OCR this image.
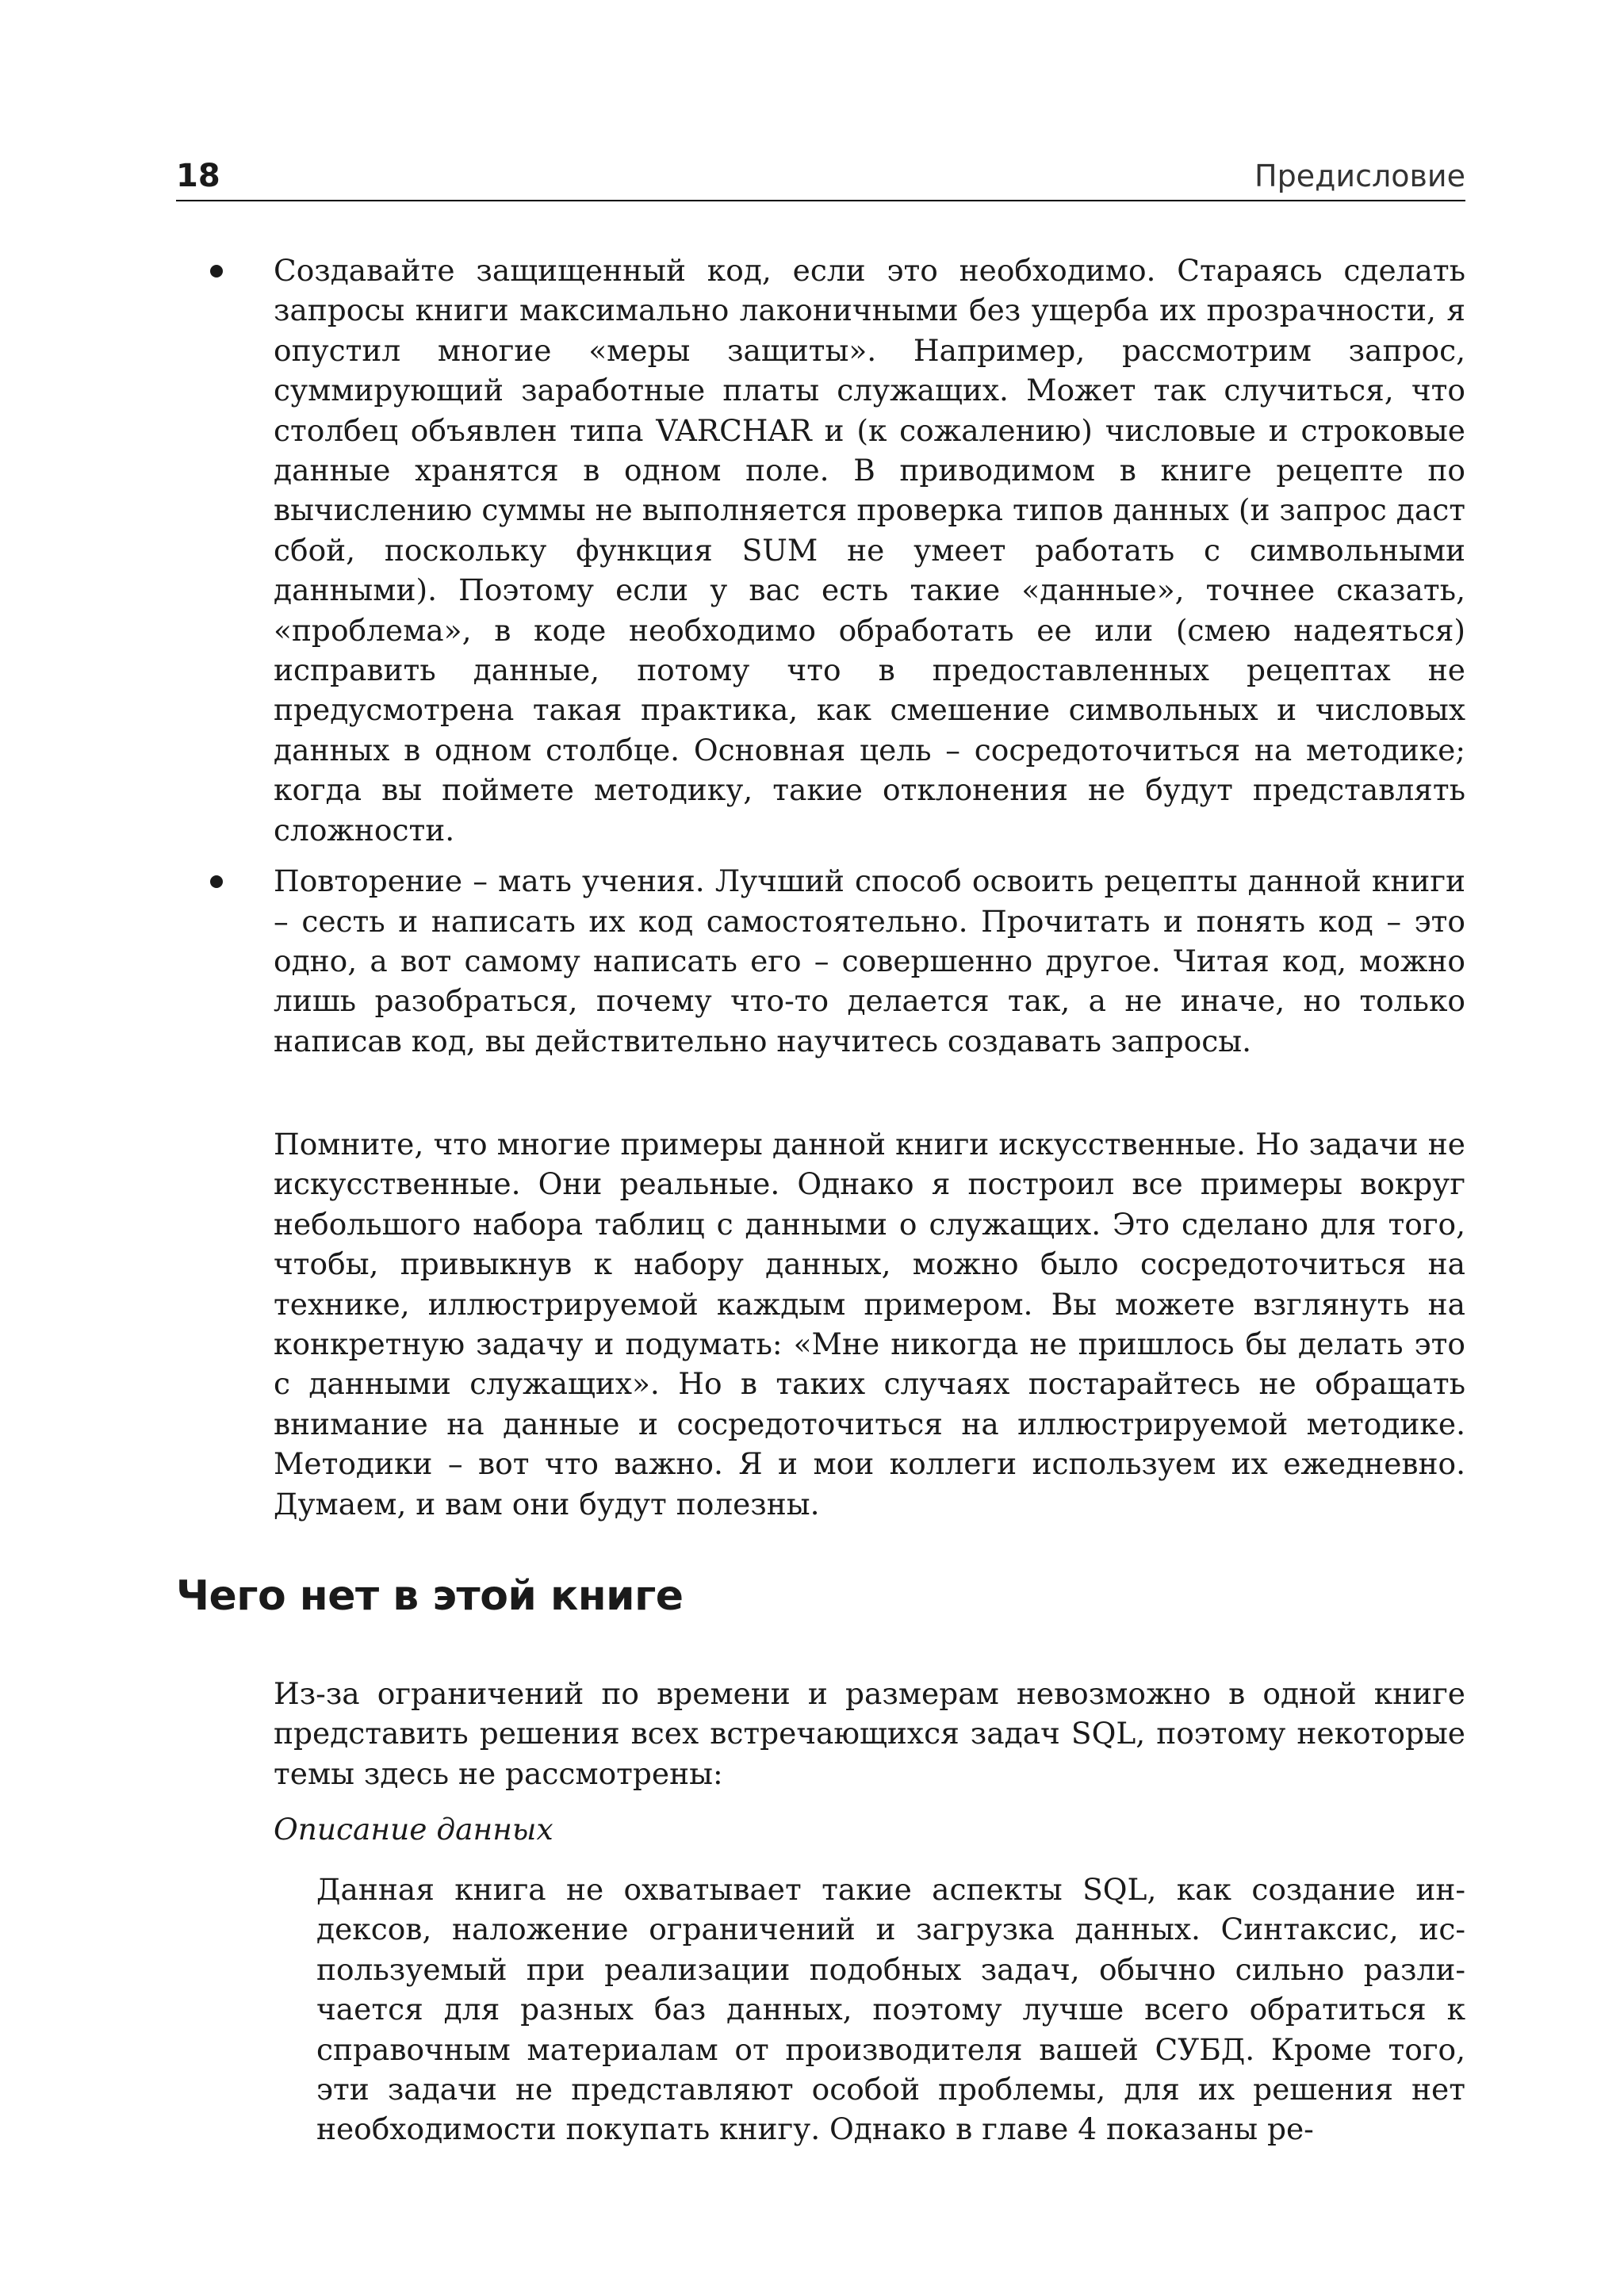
18	Предисловие
Создавайте защищенный код, если это необходимо. Стараясь сделать запросы книги максимально лаконичными без ущерба их прозрачности, я опустил многие «меры защиты». Например, рассмотрим запрос, суммирующий заработные платы служащих. Может так случиться, что столбец объявлен типа VARCHAR и (к сожалению) числовые и строковые данные хранятся в одном поле. В приводимом в книге рецепте по вычислению суммы не выполняется проверка типов данных (и запрос даст сбой, поскольку функция SUM не умеет работать с символьными данными). Поэтому если у вас есть такие «данные», точнее сказать, «проблема», в коде необходимо обработать ее или (смею надеяться) исправить данные, потому что в предоставленных рецептах не предусмотрена такая практика, как смешение символьных и числовых данных в одном столбце. Основная цель – сосредоточиться на методике; когда вы поймете методику, такие отклонения не будут представлять сложности.
Повторение – мать учения. Лучший способ освоить рецепты данной книги – сесть и написать их код самостоятельно. Прочитать и понять код – это одно, а вот самому написать его – совершенно другое. Читая код, можно лишь разобраться, почему что-то делается так, а не иначе, но только написав код, вы действительно научитесь создавать запросы.

Помните, что многие примеры данной книги искусственные. Но задачи не искусственные. Они реальные. Однако я построил все примеры вокруг небольшого набора таблиц с данными о служащих. Это сделано для того, чтобы, привыкнув к набору данных, можно было сосредоточиться на технике, иллюстрируемой каждым примером. Вы можете взглянуть на конкретную задачу и подумать: «Мне никогда не пришлось бы делать это с данными служащих». Но в таких случаях постарайтесь не обращать внимание на данные и сосредоточиться на иллюстрируемой методике. Методики – вот что важно. Я и мои коллеги используем их ежедневно. Думаем, и вам они будут полезны.

Чего нет в этой книге

Из-за ограничений по времени и размерам невозможно в одной книге представить решения всех встречающихся задач SQL, поэтому некоторые темы здесь не рассмотрены:

Описание данных

Данная книга не охватывает такие аспекты SQL, как создание индексов, наложение ограничений и загрузка данных. Синтаксис, используемый при реализации подобных задач, обычно сильно различается для разных баз данных, поэтому лучше всего обратиться к справочным материалам от производителя вашей СУБД. Кроме того, эти задачи не представляют особой проблемы, для их решения нет необходимости покупать книгу. Однако в главе 4 показаны ре-
